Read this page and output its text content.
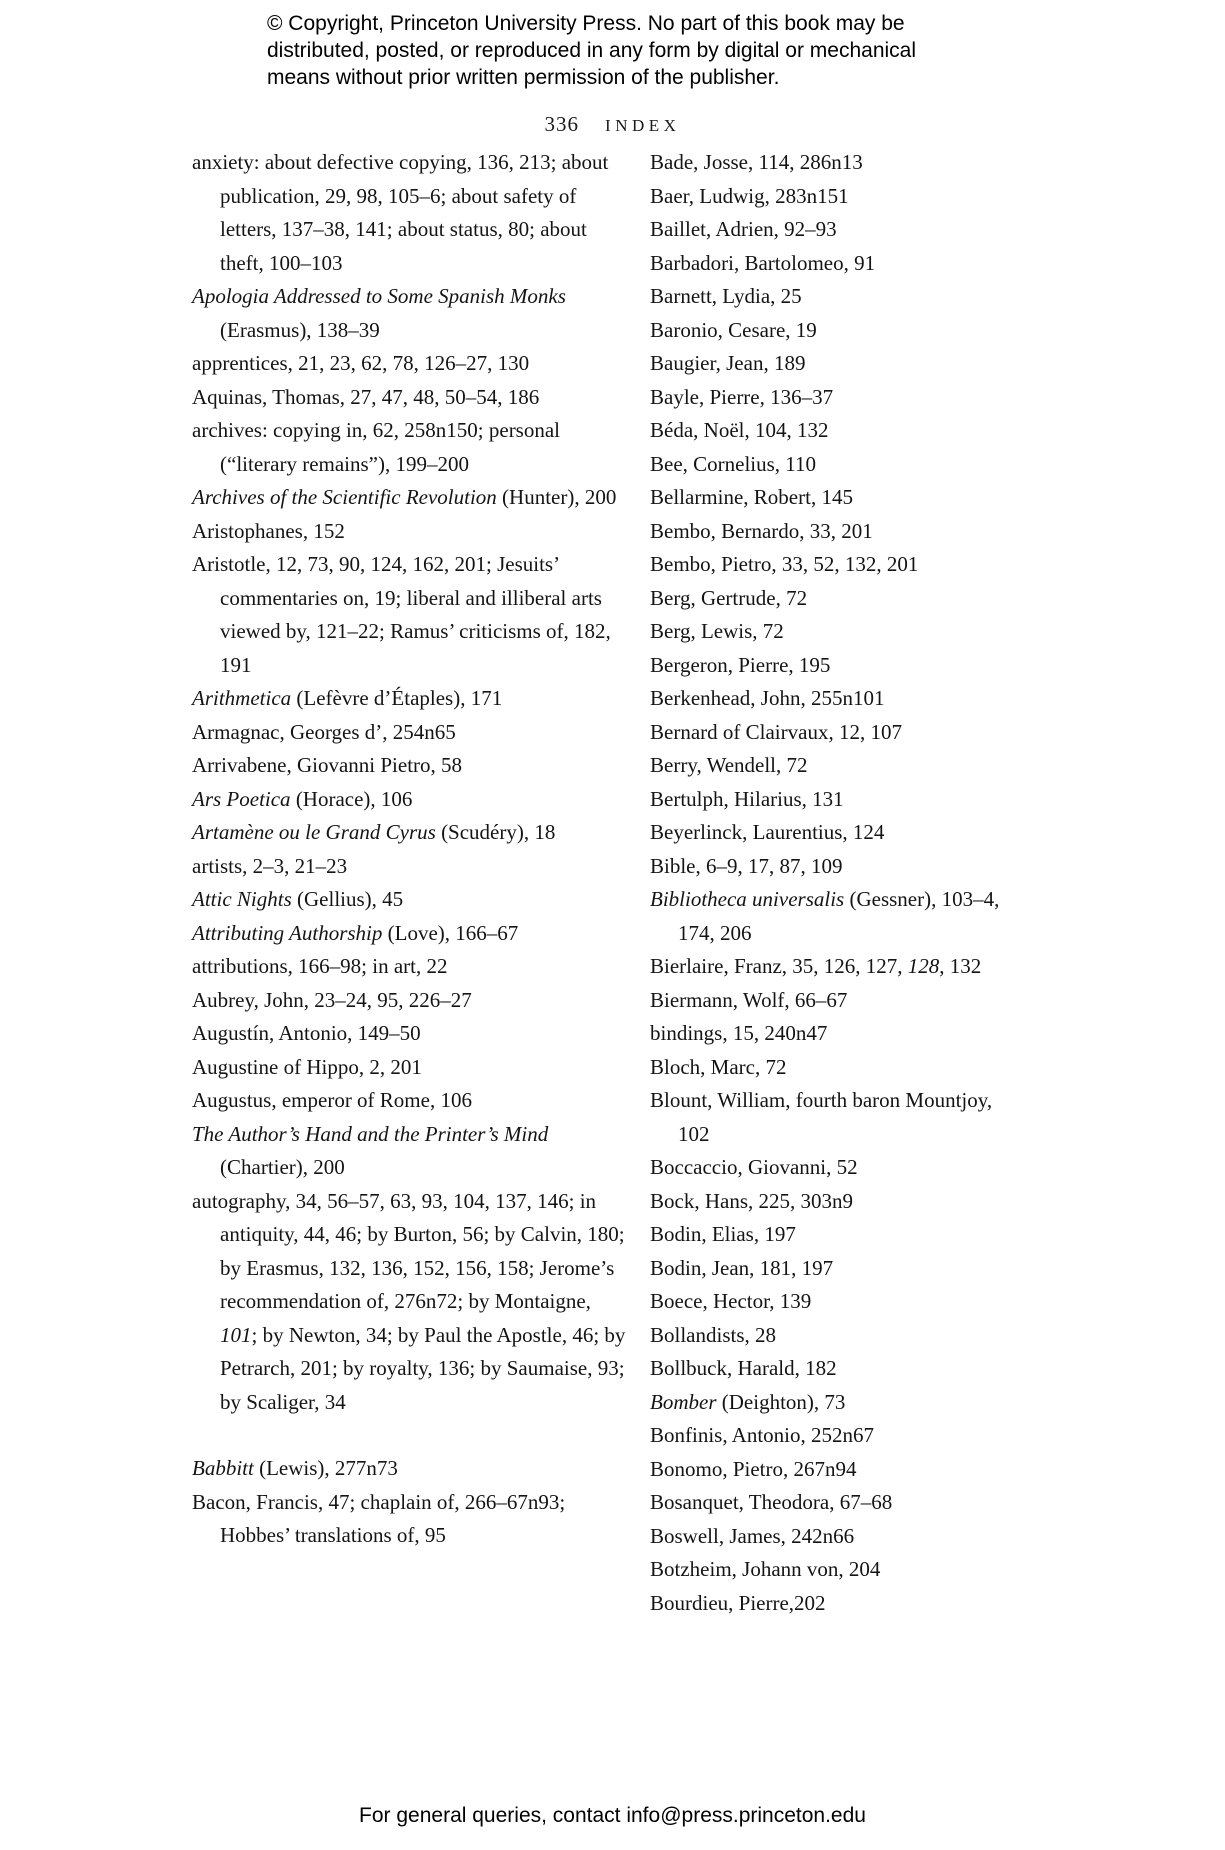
© Copyright, Princeton University Press. No part of this book may be distributed, posted, or reproduced in any form by digital or mechanical means without prior written permission of the publisher.

336 INDEX

anxiety: about defective copying, 136, 213; about publication, 29, 98, 105–6; about safety of letters, 137–38, 141; about status, 80; about theft, 100–103

Apologia Addressed to Some Spanish Monks (Erasmus), 138–39

apprentices, 21, 23, 62, 78, 126–27, 130

Aquinas, Thomas, 27, 47, 48, 50–54, 186

archives: copying in, 62, 258n150; personal (“literary remains”), 199–200

Archives of the Scientific Revolution (Hunter), 200

Aristophanes, 152

Aristotle, 12, 73, 90, 124, 162, 201; Jesuits’ commentaries on, 19; liberal and illiberal arts viewed by, 121–22; Ramus’ criticisms of, 182, 191

Arithmetica (Lefèvre d’Étaples), 171

Armagnac, Georges d’, 254n65

Arrivabene, Giovanni Pietro, 58

Ars Poetica (Horace), 106

Artamène ou le Grand Cyrus (Scudéry), 18

artists, 2–3, 21–23

Attic Nights (Gellius), 45

Attributing Authorship (Love), 166–67

attributions, 166–98; in art, 22

Aubrey, John, 23–24, 95, 226–27

Augustín, Antonio, 149–50

Augustine of Hippo, 2, 201

Augustus, emperor of Rome, 106

The Author’s Hand and the Printer’s Mind (Chartier), 200

autography, 34, 56–57, 63, 93, 104, 137, 146; in antiquity, 44, 46; by Burton, 56; by Calvin, 180; by Erasmus, 132, 136, 152, 156, 158; Jerome’s recommendation of, 276n72; by Montaigne, 101; by Newton, 34; by Paul the Apostle, 46; by Petrarch, 201; by royalty, 136; by Saumaise, 93; by Scaliger, 34

Babbitt (Lewis), 277n73

Bacon, Francis, 47; chaplain of, 266–67n93; Hobbes’ translations of, 95

Bade, Josse, 114, 286n13

Baer, Ludwig, 283n151

Baillet, Adrien, 92–93

Barbadori, Bartolomeo, 91

Barnett, Lydia, 25

Baronio, Cesare, 19

Baugier, Jean, 189

Bayle, Pierre, 136–37

Béda, Noël, 104, 132

Bee, Cornelius, 110

Bellarmine, Robert, 145

Bembo, Bernardo, 33, 201

Bembo, Pietro, 33, 52, 132, 201

Berg, Gertrude, 72

Berg, Lewis, 72

Bergeron, Pierre, 195

Berkenhead, John, 255n101

Bernard of Clairvaux, 12, 107

Berry, Wendell, 72

Bertulph, Hilarius, 131

Beyerlinck, Laurentius, 124

Bible, 6–9, 17, 87, 109

Bibliotheca universalis (Gessner), 103–4, 174, 206

Bierlaire, Franz, 35, 126, 127, 128, 132

Biermann, Wolf, 66–67

bindings, 15, 240n47

Bloch, Marc, 72

Blount, William, fourth baron Mountjoy, 102

Boccaccio, Giovanni, 52

Bock, Hans, 225, 303n9

Bodin, Elias, 197

Bodin, Jean, 181, 197

Boece, Hector, 139

Bollandists, 28

Bollbuck, Harald, 182

Bomber (Deighton), 73

Bonfinis, Antonio, 252n67

Bonomo, Pietro, 267n94

Bosanquet, Theodora, 67–68

Boswell, James, 242n66

Botzheim, Johann von, 204

Bourdieu, Pierre,202

For general queries, contact info@press.princeton.edu
